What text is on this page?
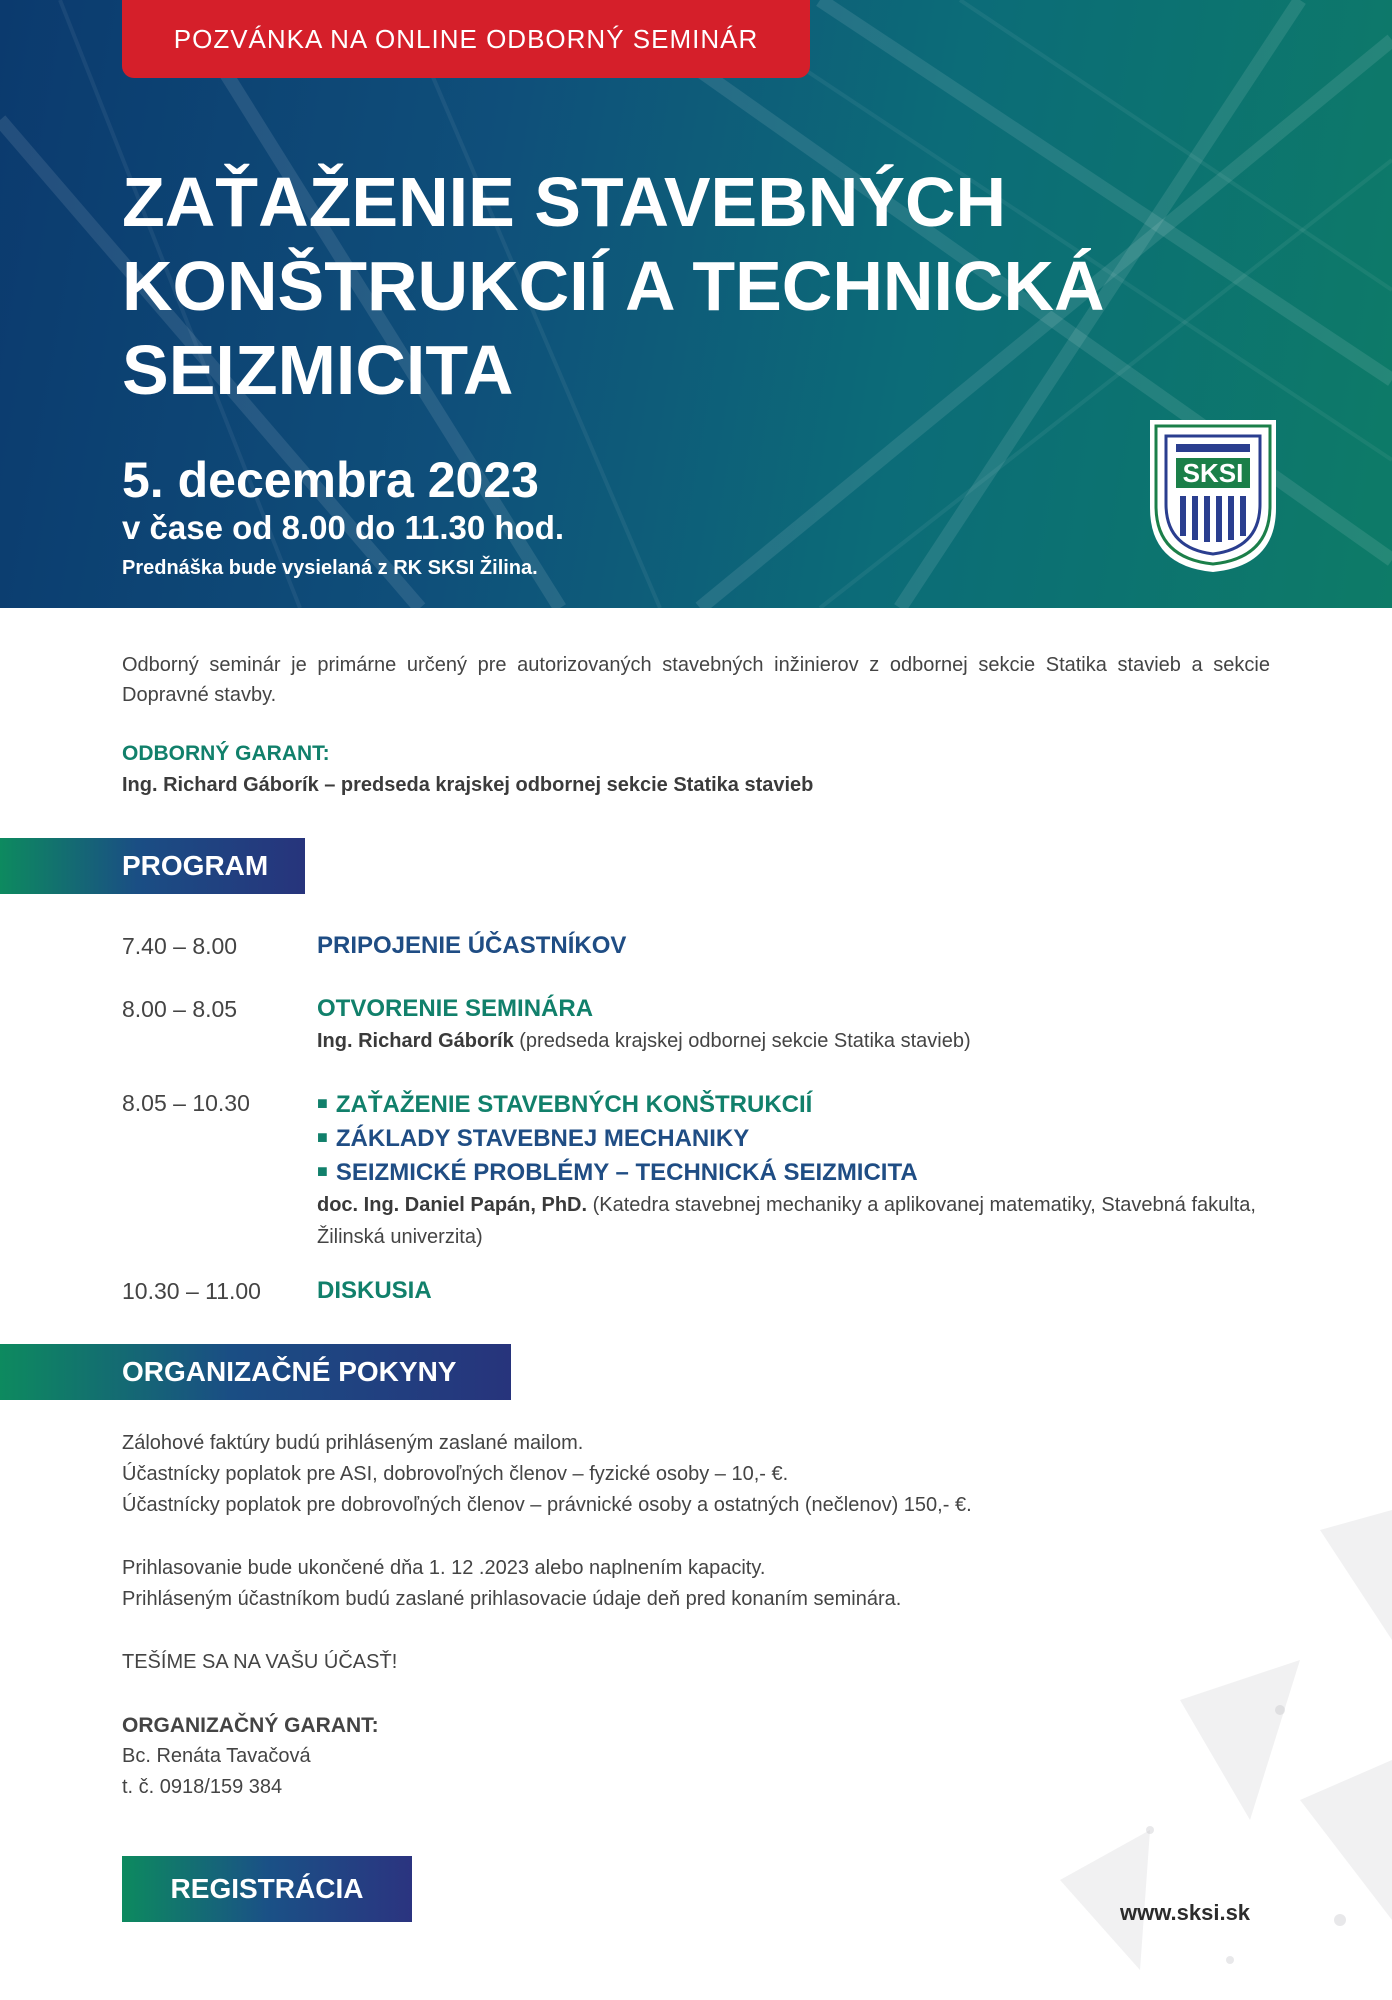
POZVÁNKA NA ONLINE ODBORNÝ SEMINÁR
ZAŤAŽENIE STAVEBNÝCH KONŠTRUKCIÍ A TECHNICKÁ SEIZMICITA
5. decembra 2023
v čase od 8.00 do 11.30 hod.
Prednáška bude vysielaná z RK SKSI Žilina.
SKSI
Odborný seminár je primárne určený pre autorizovaných stavebných inžinierov z odbornej sekcie Statika stavieb a sekcie Dopravné stavby.
ODBORNÝ GARANT:
Ing. Richard Gáborík – predseda krajskej odbornej sekcie Statika stavieb
PROGRAM
7.40 – 8.00	PRIPOJENIE ÚČASTNÍKOV
8.00 – 8.05	OTVORENIE SEMINÁRA
Ing. Richard Gáborík (predseda krajskej odbornej sekcie Statika stavieb)
8.05 – 10.30	■ ZAŤAŽENIE STAVEBNÝCH KONŠTRUKCIÍ
■ ZÁKLADY STAVEBNEJ MECHANIKY
■ SEIZMICKÉ PROBLÉMY – TECHNICKÁ SEIZMICITA
doc. Ing. Daniel Papán, PhD. (Katedra stavebnej mechaniky a aplikovanej matematiky, Stavebná fakulta, Žilinská univerzita)
10.30 – 11.00 DISKUSIA
ORGANIZAČNÉ POKYNY
Zálohové faktúry budú prihláseným zaslané mailom.
Účastnícky poplatok pre ASI, dobrovoľných členov – fyzické osoby – 10,- €.
Účastnícky poplatok pre dobrovoľných členov – právnické osoby a ostatných (nečlenov) 150,- €.
Prihlasovanie bude ukončené dňa 1. 12 .2023 alebo naplnením kapacity.
Prihláseným účastníkom budú zaslané prihlasovacie údaje deň pred konaním seminára.
TEŠÍME SA NA VAŠU ÚČASŤ!
ORGANIZAČNÝ GARANT:
Bc. Renáta Tavačová
t. č. 0918/159 384
REGISTRÁCIA
www.sksi.sk
